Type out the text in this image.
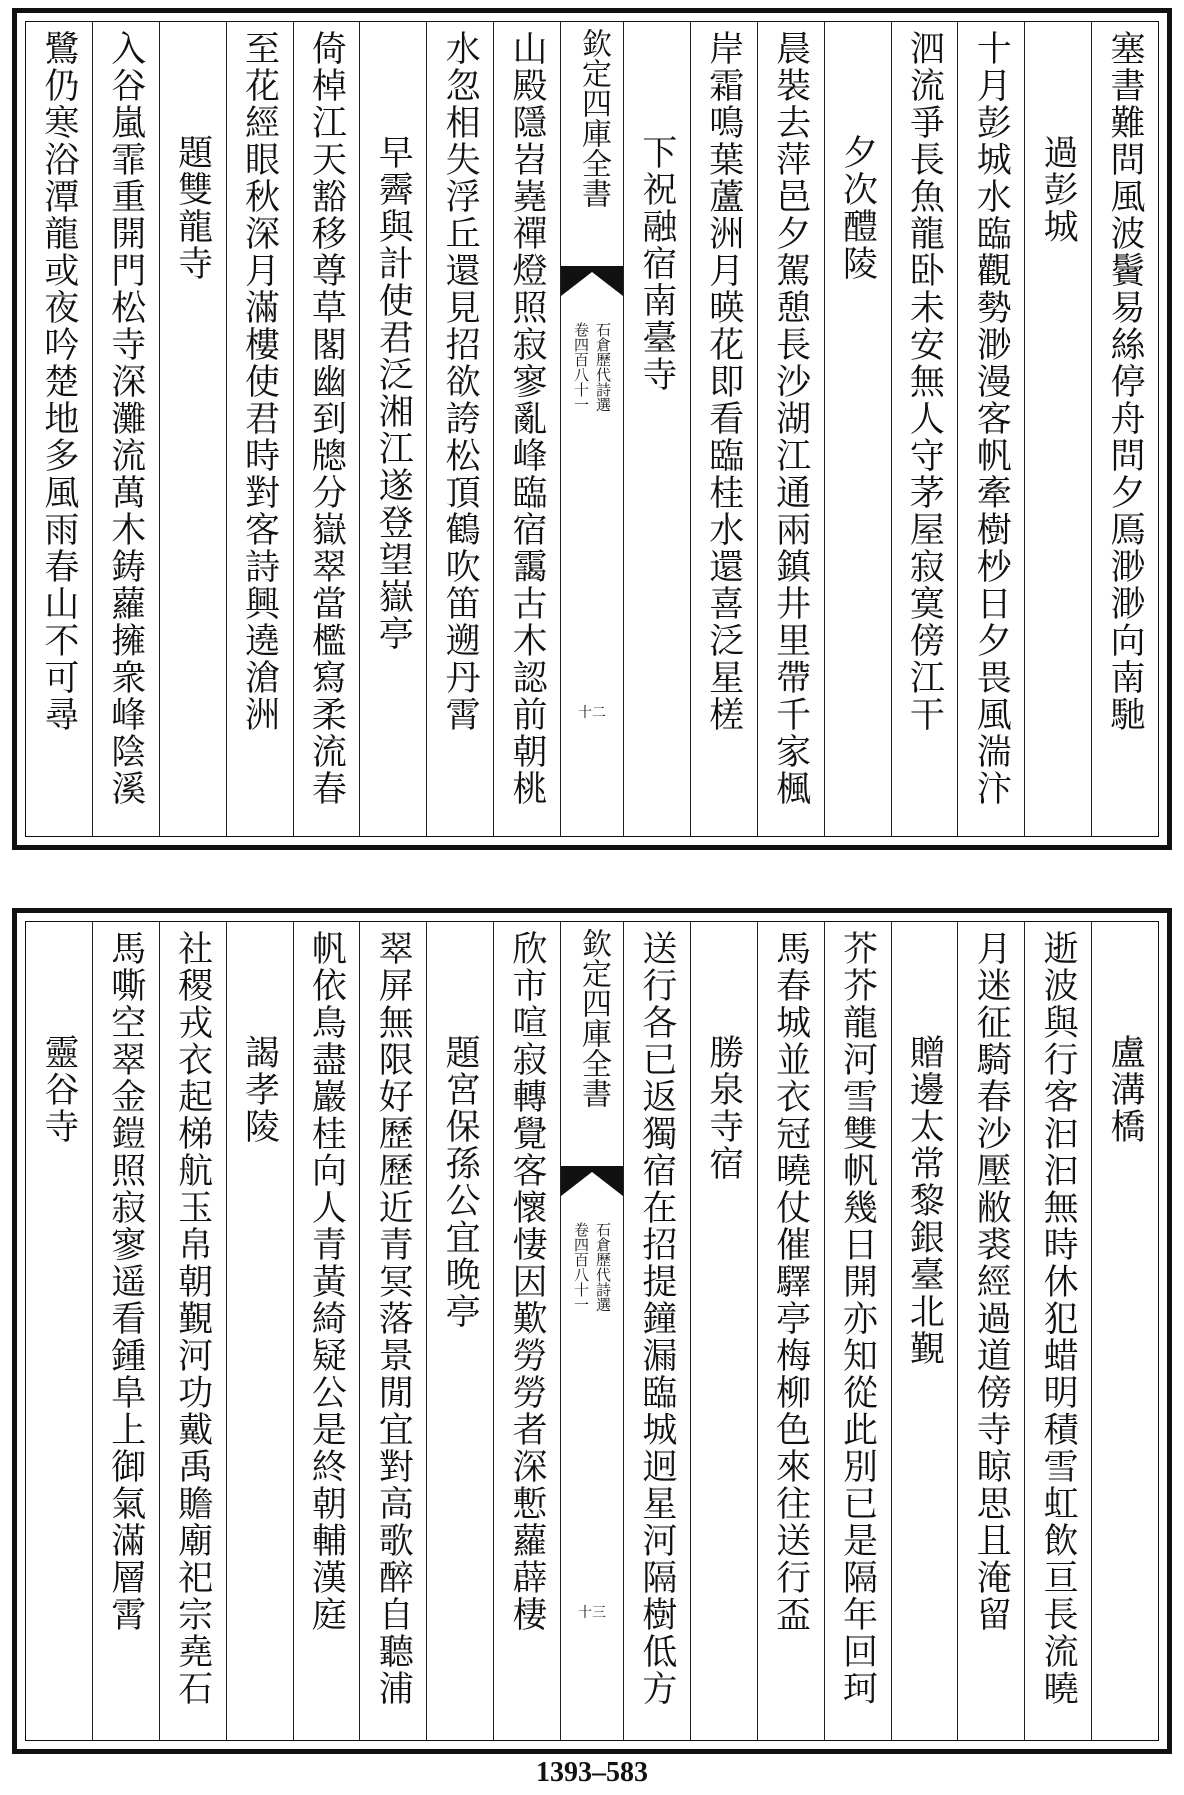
塞書難問風波鬢易絲停舟問夕鳫渺渺向南馳
過彭城
十月彭城水臨觀勢渺漫客帆牽樹杪日夕畏風湍汴
泗流爭長魚龍卧未安無人守茅屋寂寞傍江干
夕次醴陵
晨裝去萍邑夕駕憩長沙湖江通兩鎮井里帶千家楓
岸霜鳴葉蘆洲月暎花即看臨桂水還喜泛星槎
下祝融宿南臺寺
欽定四庫全書
石倉歷代詩選
卷四百八十一
十二
山殿隱岧嶤禪燈照寂寥亂峰臨宿靄古木認前朝桃
水忽相失浮丘還見招欲誇松頂鶴吹笛遡丹霄
早霽與計使君泛湘江遂登望嶽亭
倚棹江天豁移尊草閣幽到牕分嶽翠當檻寫柔流春
至花經眼秋深月滿樓使君時對客詩興遶滄洲
題雙龍寺
入谷嵐霏重開門松寺深灘流萬木鋳蘿擁衆峰陰溪
鷺仍寒浴潭龍或夜吟楚地多風雨春山不可尋
盧溝橋
逝波與行客汩汩無時休犯蜡明積雪虹飲亘長流曉
月迷征騎春沙壓敝裘經過道傍寺䁁思且淹留
贈邊太常黎銀臺北覲
芥芥龍河雪雙帆幾日開亦知從此別已是隔年回珂
馬春城並衣冠曉仗催驛亭梅柳色來往送行盃
勝泉寺宿
送行各已返獨宿在招提鐘漏臨城迥星河隔樹低方
欽定四庫全書
石倉歷代詩選
卷四百八十一
十三
欣市喧寂轉覺客懷悽因歎勞勞者深慙蘿薜棲
題宮保孫公宜晚亭
翠屏無限好歷歷近青冥落景閒宜對高歌醉自聽浦
帆依鳥盡巖桂向人青黃綺疑公是終朝輔漢庭
謁孝陵
社稷戎衣起梯航玉帛朝覲河功戴禹贍廟祀宗堯石
馬嘶空翠金鎧照寂寥遥看鍾阜上御氣滿層霄
靈谷寺
1393–583
